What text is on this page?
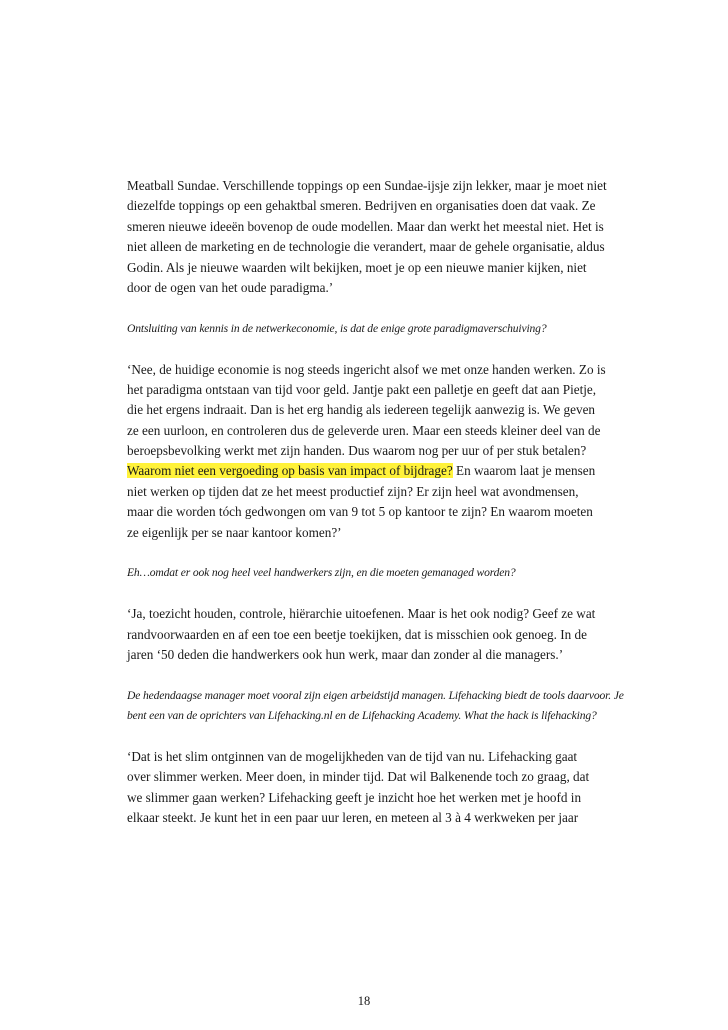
Meatball Sundae. Verschillende toppings op een Sundae-ijsje zijn lekker, maar je moet niet
diezelfde toppings op een gehaktbal smeren. Bedrijven en organisaties doen dat vaak. Ze
smeren nieuwe ideeën bovenop de oude modellen. Maar dan werkt het meestal niet. Het is
niet alleen de marketing en de technologie die verandert, maar de gehele organisatie, aldus
Godin. Als je nieuwe waarden wilt bekijken, moet je op een nieuwe manier kijken, niet
door de ogen van het oude paradigma.’
Ontsluiting van kennis in de netwerkeconomie, is dat de enige grote paradigmaverschuiving?
‘Nee, de huidige economie is nog steeds ingericht alsof we met onze handen werken. Zo is
het paradigma ontstaan van tijd voor geld. Jantje pakt een palletje en geeft dat aan Pietje,
die het ergens indraait. Dan is het erg handig als iedereen tegelijk aanwezig is. We geven
ze een uurloon, en controleren dus de geleverde uren. Maar een steeds kleiner deel van de
beroepsbevolking werkt met zijn handen. Dus waarom nog per uur of per stuk betalen?
Waarom niet een vergoeding op basis van impact of bijdrage? En waarom laat je mensen
niet werken op tijden dat ze het meest productief zijn? Er zijn heel wat avondmensen,
maar die worden tóch gedwongen om van 9 tot 5 op kantoor te zijn? En waarom moeten
ze eigenlijk per se naar kantoor komen?’
Eh…omdat er ook nog heel veel handwerkers zijn, en die moeten gemanaged worden?
‘Ja, toezicht houden, controle, hiërarchie uitoefenen. Maar is het ook nodig? Geef ze wat
randvoorwaarden en af een toe een beetje toekijken, dat is misschien ook genoeg. In de
jaren ‘50 deden die handwerkers ook hun werk, maar dan zonder al die managers.’
De hedendaagse manager moet vooral zijn eigen arbeidstijd managen. Lifehacking biedt de tools daarvoor. Je
bent een van de oprichters van Lifehacking.nl en de Lifehacking Academy. What the hack is lifehacking?
‘Dat is het slim ontginnen van de mogelijkheden van de tijd van nu. Lifehacking gaat
over slimmer werken. Meer doen, in minder tijd. Dat wil Balkenende toch zo graag, dat
we slimmer gaan werken? Lifehacking geeft je inzicht hoe het werken met je hoofd in
elkaar steekt. Je kunt het in een paar uur leren, en meteen al 3 à 4 werkweken per jaar
18
